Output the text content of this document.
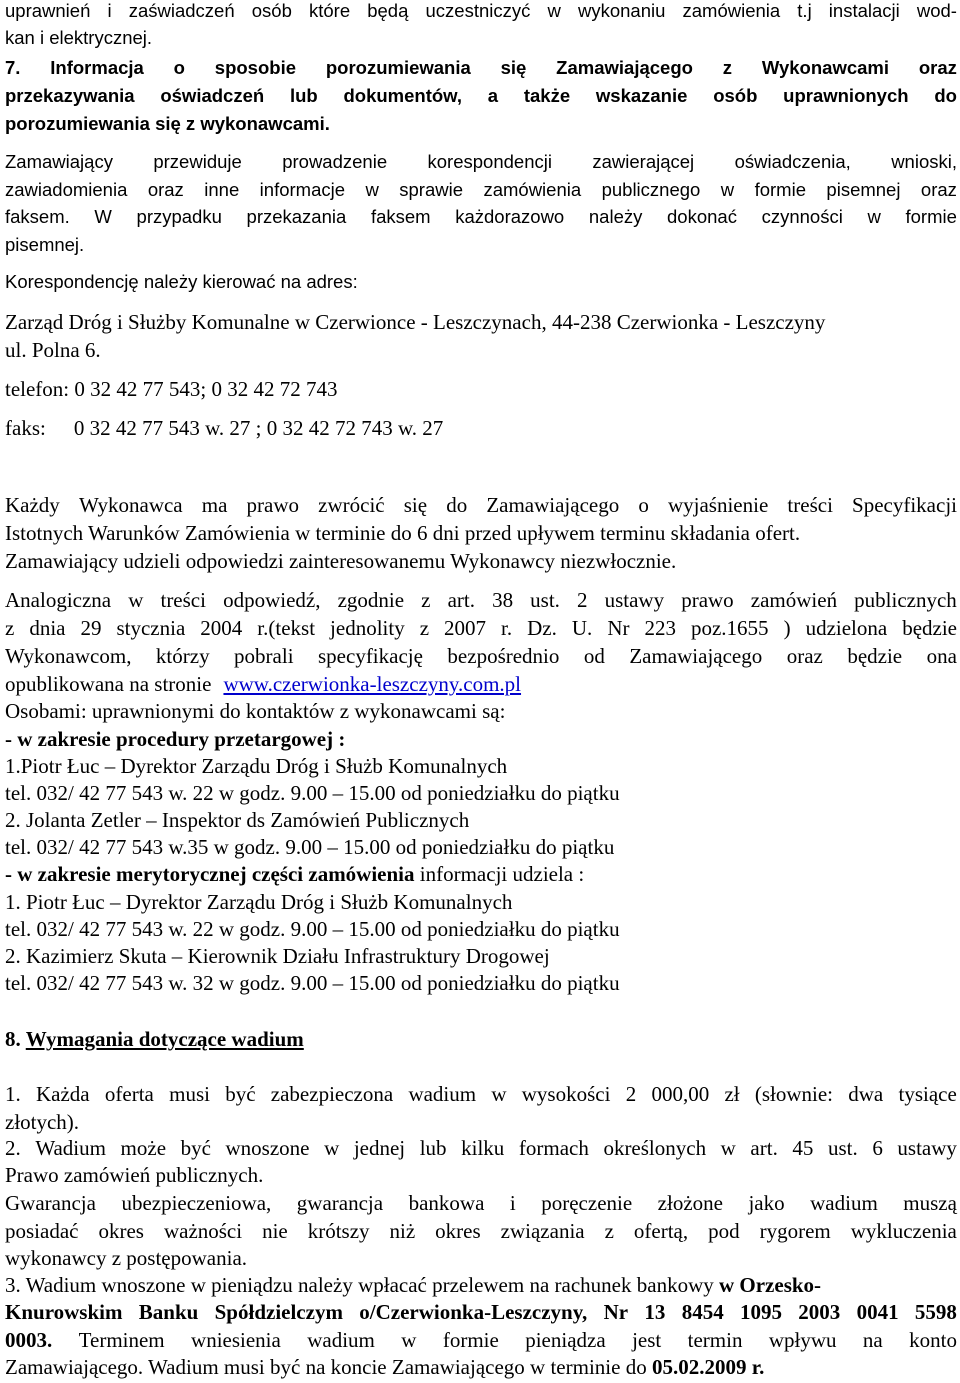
uprawnień i zaświadczeń osób które będą uczestniczyć w wykonaniu zamówienia t.j instalacji wod-
kan i elektrycznej.
7. Informacja o sposobie porozumiewania się Zamawiającego z Wykonawcami oraz
przekazywania oświadczeń lub dokumentów, a także wskazanie osób uprawnionych do
porozumiewania się z wykonawcami.
Zamawiający przewiduje prowadzenie korespondencji zawierającej oświadczenia, wnioski,
zawiadomienia oraz inne informacje w sprawie zamówienia publicznego w formie pisemnej oraz
faksem. W przypadku przekazania faksem każdorazowo należy dokonać czynności w formie
pisemnej.
Korespondencję należy kierować na adres:
Zarząd Dróg i Służby Komunalne w Czerwionce - Leszczynach, 44-238 Czerwionka - Leszczyny
ul. Polna 6.
telefon: 0 32 42 77 543; 0 32 42 72 743
faks: 0 32 42 77 543 w. 27 ; 0 32 42 72 743 w. 27
Każdy Wykonawca ma prawo zwrócić się do Zamawiającego o wyjaśnienie treści Specyfikacji
Istotnych Warunków Zamówienia w terminie do 6 dni przed upływem terminu składania ofert.
Zamawiający udzieli odpowiedzi zainteresowanemu Wykonawcy niezwłocznie.
Analogiczna w treści odpowiedź, zgodnie z art. 38 ust. 2 ustawy prawo zamówień publicznych
z dnia 29 stycznia 2004 r.(tekst jednolity z 2007 r. Dz. U. Nr 223 poz.1655 ) udzielona będzie
Wykonawcom, którzy pobrali specyfikację bezpośrednio od Zamawiającego oraz będzie ona
opublikowana na stronie www.czerwionka-leszczyny.com.pl
Osobami: uprawnionymi do kontaktów z wykonawcami są:
- w zakresie procedury przetargowej :
1.Piotr Łuc – Dyrektor Zarządu Dróg i Służb Komunalnych
tel. 032/ 42 77 543 w. 22 w godz. 9.00 – 15.00 od poniedziałku do piątku
2. Jolanta Zetler – Inspektor ds Zamówień Publicznych
tel. 032/ 42 77 543 w.35 w godz. 9.00 – 15.00 od poniedziałku do piątku
- w zakresie merytorycznej części zamówienia informacji udziela :
1. Piotr Łuc – Dyrektor Zarządu Dróg i Służb Komunalnych
tel. 032/ 42 77 543 w. 22 w godz. 9.00 – 15.00 od poniedziałku do piątku
2. Kazimierz Skuta – Kierownik Działu Infrastruktury Drogowej
tel. 032/ 42 77 543 w. 32 w godz. 9.00 – 15.00 od poniedziałku do piątku
8. Wymagania dotyczące wadium
1. Każda oferta musi być zabezpieczona wadium w wysokości 2 000,00 zł (słownie: dwa tysiące
złotych).
2. Wadium może być wnoszone w jednej lub kilku formach określonych w art. 45 ust. 6 ustawy
Prawo zamówień publicznych.
Gwarancja ubezpieczeniowa, gwarancja bankowa i poręczenie złożone jako wadium muszą
posiadać okres ważności nie krótszy niż okres związania z ofertą, pod rygorem wykluczenia
wykonawcy z postępowania.
3. Wadium wnoszone w pieniądzu należy wpłacać przelewem na rachunek bankowy w Orzesko-
Knurowskim Banku Spółdzielczym o/Czerwionka-Leszczyny, Nr 13 8454 1095 2003 0041 5598
0003. Terminem wniesienia wadium w formie pieniądza jest termin wpływu na konto
Zamawiającego. Wadium musi być na koncie Zamawiającego w terminie do 05.02.2009 r.
